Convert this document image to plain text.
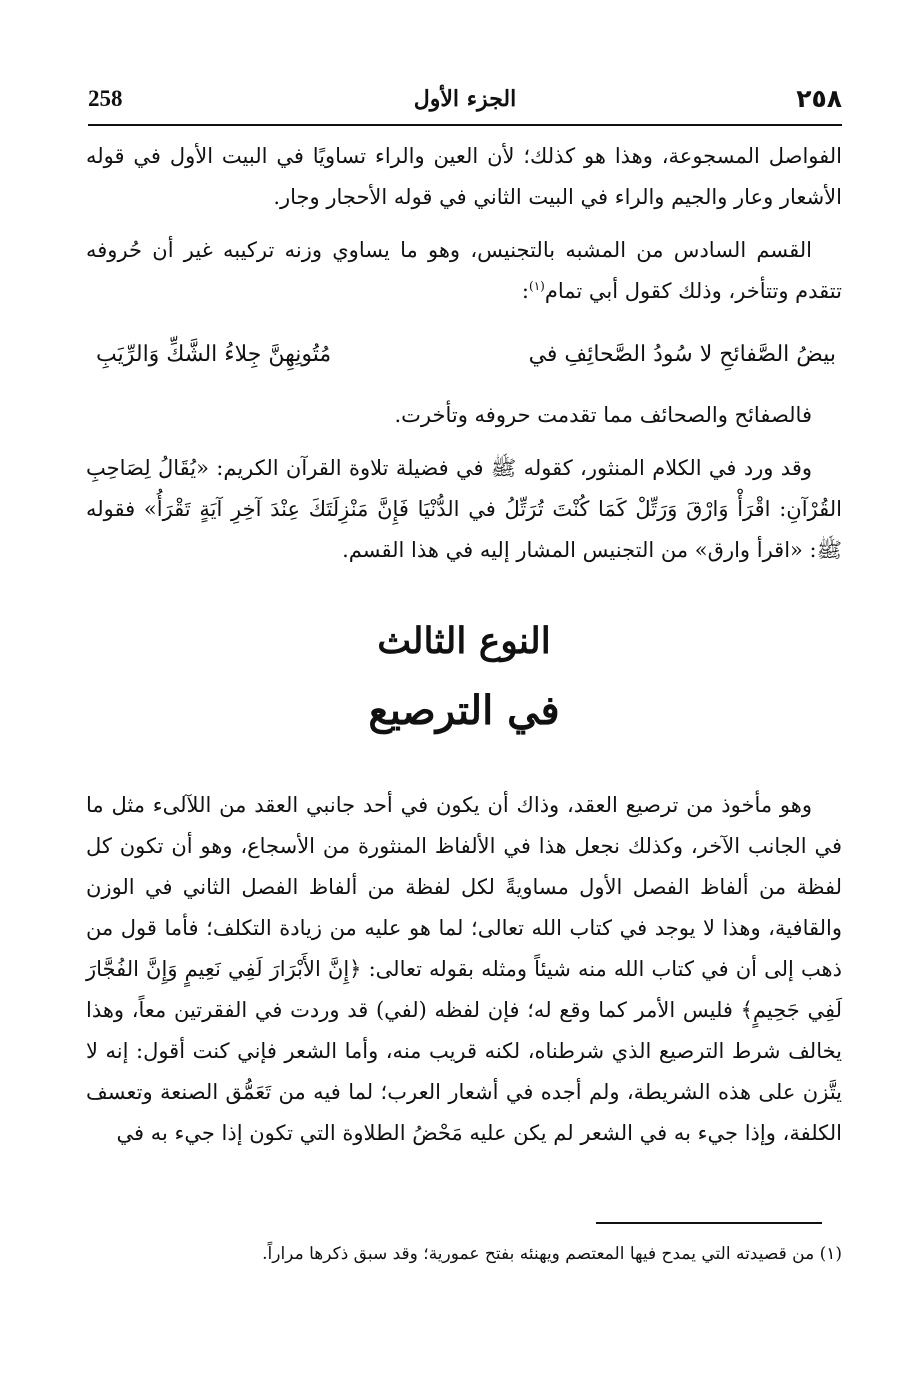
258	الجزء الأول	٢٥٨

الفواصل المسجوعة، وهذا هو كذلك؛ لأن العين والراء تساويًا في البيت الأول في قوله الأشعار وعار والجيم والراء في البيت الثاني في قوله الأحجار وجار.

القسم السادس من المشبه بالتجنيس، وهو ما يساوي وزنه تركيبه غير أن حُروفه تتقدم وتتأخر، وذلك كقول أبي تمام$^{(١)}$:

بيضُ الصَّفائحِ لا سُودُ الصَّحائِفِ في
مُتُونِهِنَّ جِلاءُ الشَّكِّ وَالرِّيَبِ

فالصفائح والصحائف مما تقدمت حروفه وتأخرت.

وقد ورد في الكلام المنثور، كقوله ﷺ في فضيلة تلاوة القرآن الكريم: «يُقَالُ لِصَاحِبِ القُرْآنِ: اقْرَأْ وَارْقَ وَرَتِّلْ كَمَا كُنْتَ تُرَتِّلُ في الدُّنْيَا فَإِنَّ مَنْزِلَتَكَ عِنْدَ آخِرِ آيَةٍ تَقْرَأُ» فقوله ﷺ: «اقرأ وارق» من التجنيس المشار إليه في هذا القسم.

النوع الثالث
في الترصيع

وهو مأخوذ من ترصيع العقد، وذاك أن يكون في أحد جانبي العقد من اللآلىء مثل ما في الجانب الآخر، وكذلك نجعل هذا في الألفاظ المنثورة من الأسجاع، وهو أن تكون كل لفظة من ألفاظ الفصل الأول مساويةً لكل لفظة من ألفاظ الفصل الثاني في الوزن والقافية، وهذا لا يوجد في كتاب الله تعالى؛ لما هو عليه من زيادة التكلف؛ فأما قول من ذهب إلى أن في كتاب الله منه شيئاً ومثله بقوله تعالى: ﴿إِنَّ الأَبْرَارَ لَفِي نَعِيمٍ وَإِنَّ الفُجَّارَ لَفِي جَحِيمٍ﴾ فليس الأمر كما وقع له؛ فإن لفظه (لفي) قد وردت في الفقرتين معاً، وهذا يخالف شرط الترصيع الذي شرطناه، لكنه قريب منه، وأما الشعر فإني كنت أقول: إنه لا يتَّزن على هذه الشريطة، ولم أجده في أشعار العرب؛ لما فيه من تَعَمُّق الصنعة وتعسف الكلفة، وإذا جيء به في الشعر لم يكن عليه مَحْضُ الطلاوة التي تكون إذا جيء به في

(١) من قصيدته التي يمدح فيها المعتصم ويهنئه بفتح عمورية؛ وقد سبق ذكرها مراراً.
